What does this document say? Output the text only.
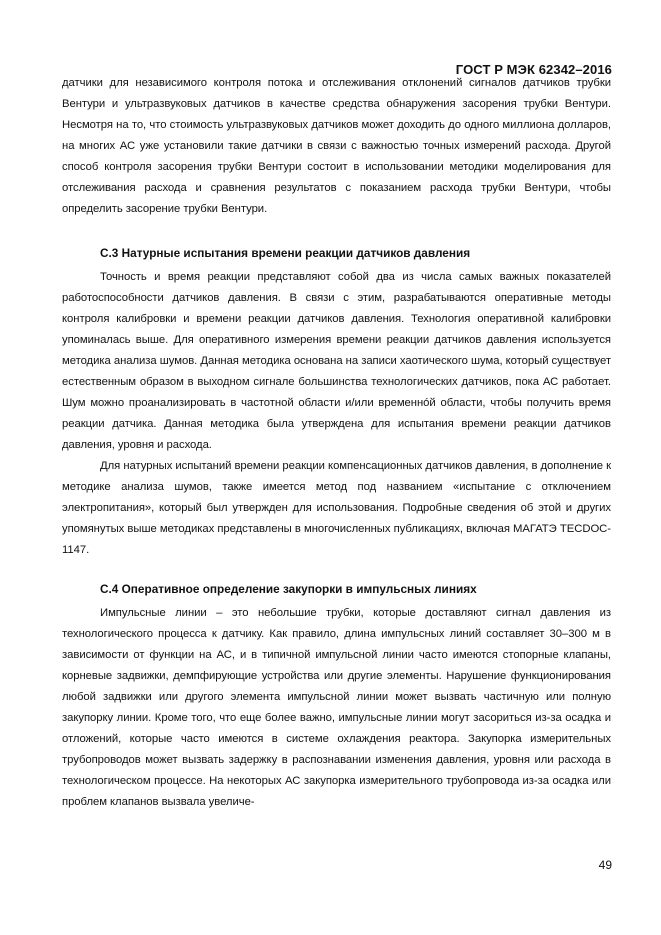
ГОСТ Р МЭК 62342–2016

датчики для независимого контроля потока и отслеживания отклонений сигналов датчиков трубки Вентури и ультразвуковых датчиков в качестве средства обнаружения засорения трубки Вентури. Несмотря на то, что стоимость ультразвуковых датчиков может доходить до одного миллиона долларов, на многих АС уже установили такие датчики в связи с важностью точных измерений расхода. Другой способ контроля засорения трубки Вентури состоит в использовании методики моделирования для отслеживания расхода и сравнения результатов с показанием расхода трубки Вентури, чтобы определить засорение трубки Вентури.

С.3 Натурные испытания времени реакции датчиков давления

Точность и время реакции представляют собой два из числа самых важных показателей работоспособности датчиков давления. В связи с этим, разрабатываются оперативные методы контроля калибровки и времени реакции датчиков давления. Технология оперативной калибровки упоминалась выше. Для оперативного измерения времени реакции датчиков давления используется методика анализа шумов. Данная методика основана на записи хаотического шума, который существует естественным образом в выходном сигнале большинства технологических датчиков, пока АС работает. Шум можно проанализировать в частотной области и/или временнóй области, чтобы получить время реакции датчика. Данная методика была утверждена для испытания времени реакции датчиков давления, уровня и расхода.

Для натурных испытаний времени реакции компенсационных датчиков давления, в дополнение к методике анализа шумов, также имеется метод под названием «испытание с отключением электропитания», который был утвержден для использования. Подробные сведения об этой и других упомянутых выше методиках представлены в многочисленных публикациях, включая МАГАТЭ TECDOC-1147.

С.4 Оперативное определение закупорки в импульсных линиях

Импульсные линии – это небольшие трубки, которые доставляют сигнал давления из технологического процесса к датчику. Как правило, длина импульсных линий составляет 30–300 м в зависимости от функции на АС, и в типичной импульсной линии часто имеются стопорные клапаны, корневые задвижки, демпфирующие устройства или другие элементы. Нарушение функционирования любой задвижки или другого элемента импульсной линии может вызвать частичную или полную закупорку линии. Кроме того, что еще более важно, импульсные линии могут засориться из-за осадка и отложений, которые часто имеются в системе охлаждения реактора. Закупорка измерительных трубопроводов может вызвать задержку в распознавании изменения давления, уровня или расхода в технологическом процессе. На некоторых АС закупорка измерительного трубопровода из-за осадка или проблем клапанов вызвала увеличе-

49
